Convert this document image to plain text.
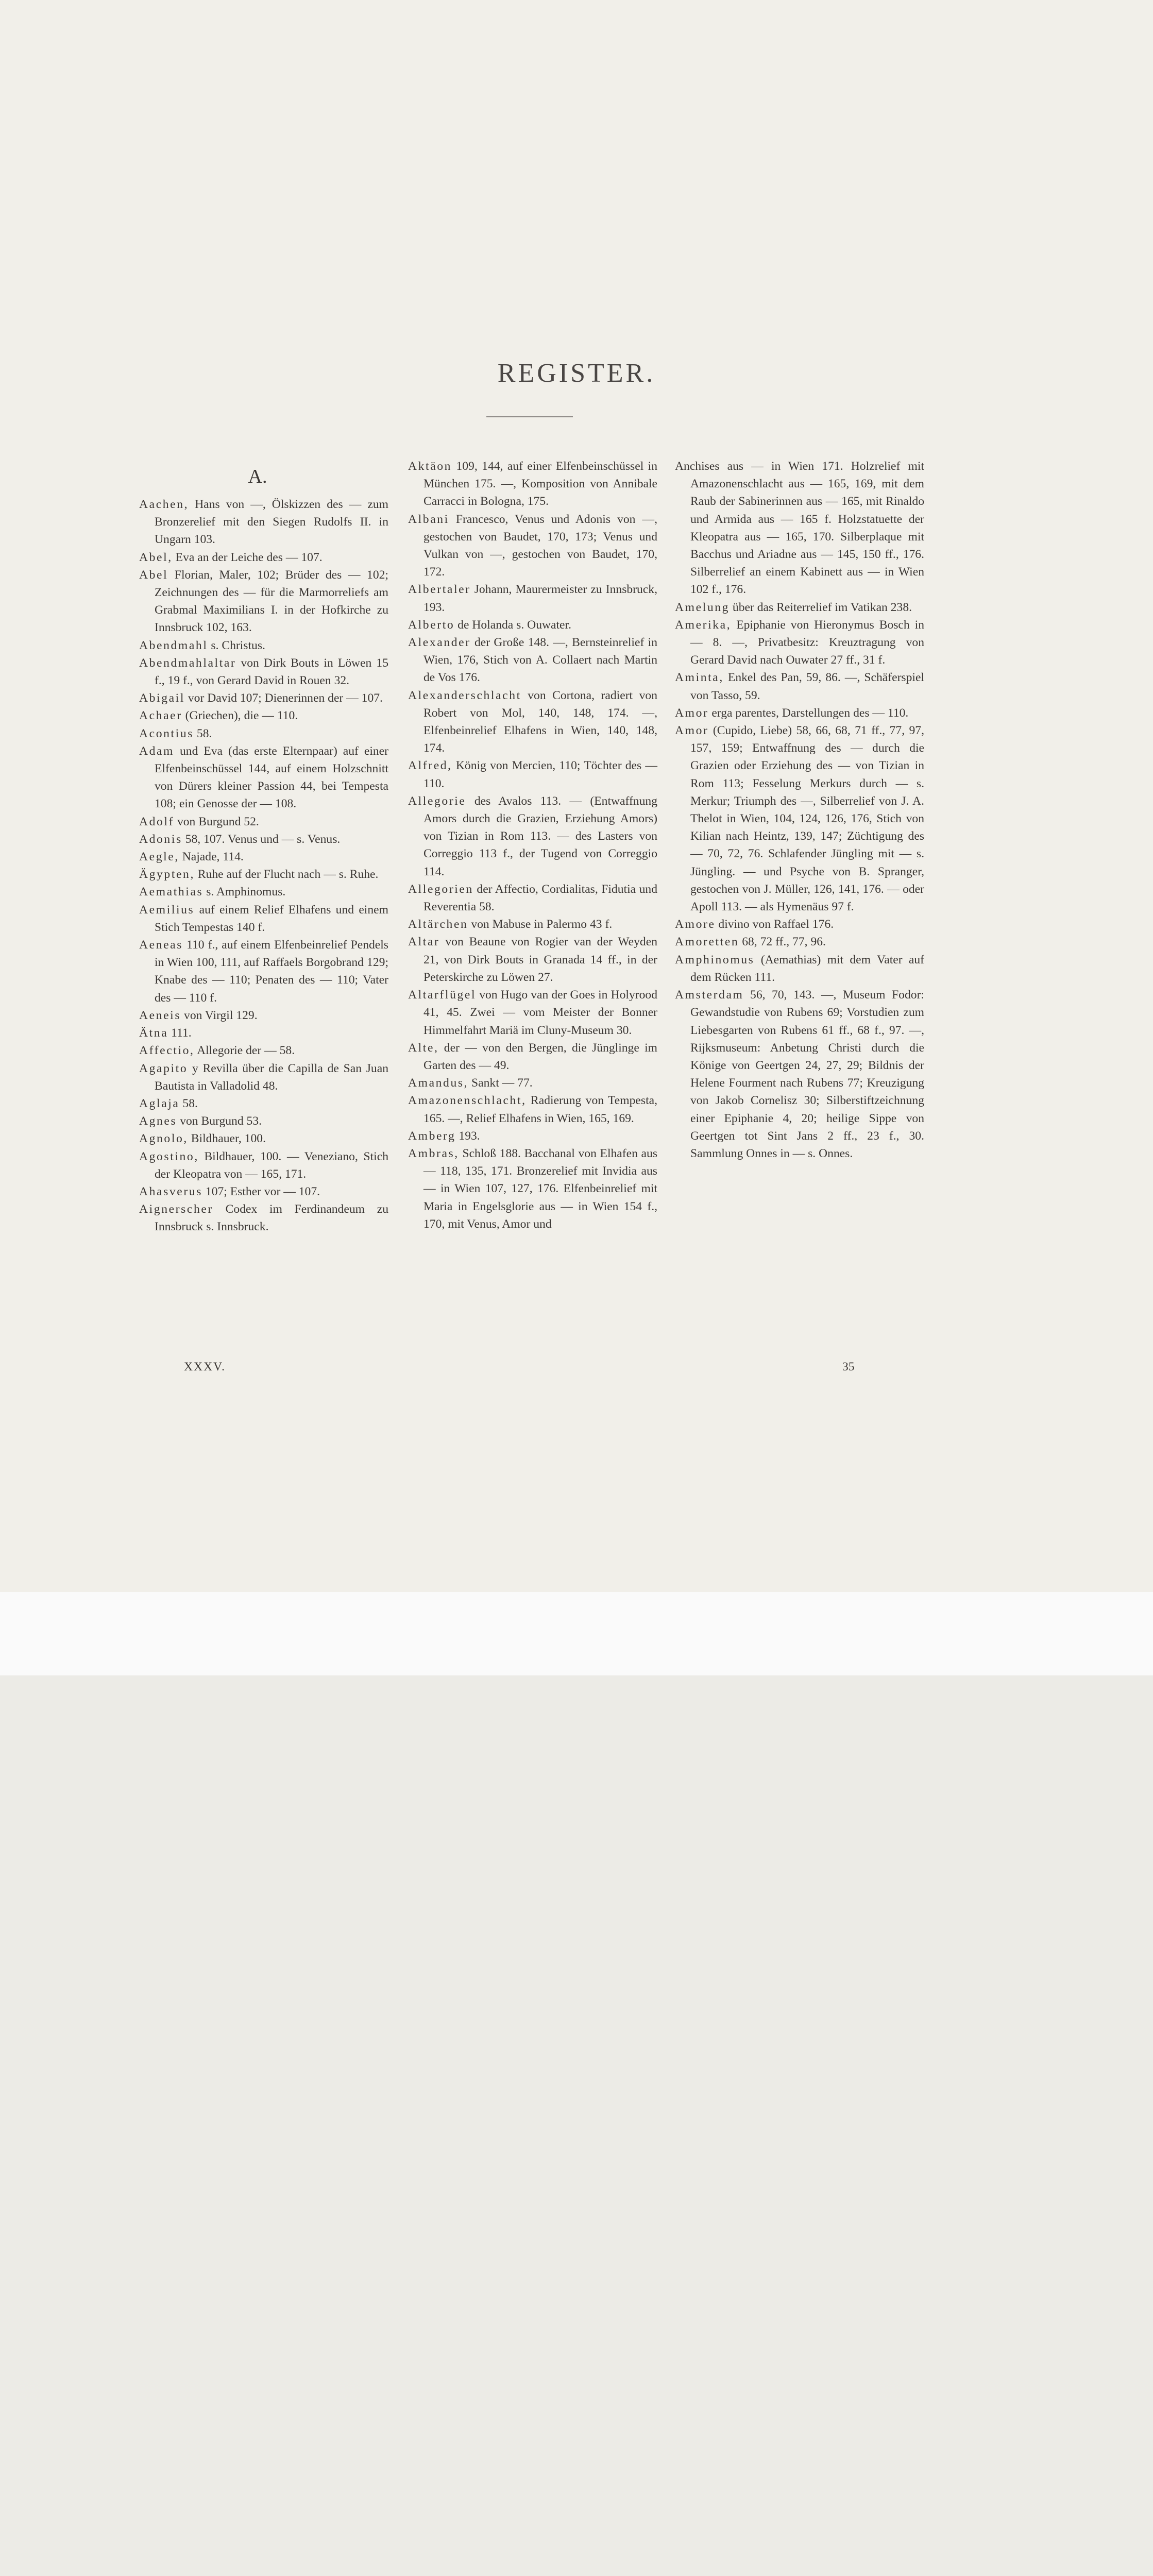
REGISTER.
A.
Aachen, Hans von —, Ölskizzen des — zum Bronzerelief mit den Siegen Rudolfs II. in Ungarn 103.
Abel, Eva an der Leiche des — 107.
Abel Florian, Maler, 102; Brüder des — 102; Zeichnungen des — für die Marmorreliefs am Grabmal Maximilians I. in der Hofkirche zu Innsbruck 102, 163.
Abendmahl s. Christus.
Abendmahlaltar von Dirk Bouts in Löwen 15 f., 19 f., von Gerard David in Rouen 32.
Abigail vor David 107; Dienerinnen der — 107.
Achaer (Griechen), die — 110.
Acontius 58.
Adam und Eva (das erste Elternpaar) auf einer Elfenbeinschüssel 144, auf einem Holzschnitt von Dürers kleiner Passion 44, bei Tempesta 108; ein Genosse der — 108.
Adolf von Burgund 52.
Adonis 58, 107. Venus und — s. Venus.
Aegle, Najade, 114.
Ägypten, Ruhe auf der Flucht nach — s. Ruhe.
Aemathias s. Amphinomus.
Aemilius auf einem Relief Elhafens und einem Stich Tempestas 140 f.
Aeneas 110 f., auf einem Elfenbeinrelief Pendels in Wien 100, 111, auf Raffaels Borgobrand 129; Knabe des — 110; Penaten des — 110; Vater des — 110 f.
Aeneis von Virgil 129.
Ätna 111.
Affectio, Allegorie der — 58.
Agapito y Revilla über die Capilla de San Juan Bautista in Valladolid 48.
Aglaja 58.
Agnes von Burgund 53.
Agnolo, Bildhauer, 100.
Agostino, Bildhauer, 100. — Veneziano, Stich der Kleopatra von — 165, 171.
Ahasverus 107; Esther vor — 107.
Aignerscher Codex im Ferdinandeum zu Innsbruck s. Innsbruck.
Aktäon 109, 144, auf einer Elfenbeinschüssel in München 175. —, Komposition von Annibale Carracci in Bologna, 175.
Albani Francesco, Venus und Adonis von —, gestochen von Baudet, 170, 173; Venus und Vulkan von —, gestochen von Baudet, 170, 172.
Albertaler Johann, Maurermeister zu Innsbruck, 193.
Alberto de Holanda s. Ouwater.
Alexander der Große 148. —, Bernsteinrelief in Wien, 176, Stich von A. Collaert nach Martin de Vos 176.
Alexanderschlacht von Cortona, radiert von Robert von Mol, 140, 148, 174. —, Elfenbeinrelief Elhafens in Wien, 140, 148, 174.
Alfred, König von Mercien, 110; Töchter des — 110.
Allegorie des Avalos 113. — (Entwaffnung Amors durch die Grazien, Erziehung Amors) von Tizian in Rom 113. — des Lasters von Correggio 113 f., der Tugend von Correggio 114.
Allegorien der Affectio, Cordialitas, Fidutia und Reverentia 58.
Altärchen von Mabuse in Palermo 43 f.
Altar von Beaune von Rogier van der Weyden 21, von Dirk Bouts in Granada 14 ff., in der Peterskirche zu Löwen 27.
Altarflügel von Hugo van der Goes in Holyrood 41, 45. Zwei — vom Meister der Bonner Himmelfahrt Mariä im Cluny-Museum 30.
Alte, der — von den Bergen, die Jünglinge im Garten des — 49.
Amandus, Sankt — 77.
Amazonenschlacht, Radierung von Tempesta, 165. —, Relief Elhafens in Wien, 165, 169.
Amberg 193.
Ambras, Schloß 188. Bacchanal von Elhafen aus — 118, 135, 171. Bronzerelief mit Invidia aus — in Wien 107, 127, 176. Elfenbeinrelief mit Maria in Engelsglorie aus — in Wien 154 f., 170, mit Venus, Amor und
Anchises aus — in Wien 171. Holzrelief mit Amazonenschlacht aus — 165, 169, mit dem Raub der Sabinerinnen aus — 165, mit Rinaldo und Armida aus — 165 f. Holzstatuette der Kleopatra aus — 165, 170. Silberplaque mit Bacchus und Ariadne aus — 145, 150 ff., 176. Silberrelief an einem Kabinett aus — in Wien 102 f., 176.
Amelung über das Reiterrelief im Vatikan 238.
Amerika, Epiphanie von Hieronymus Bosch in — 8. —, Privatbesitz: Kreuztragung von Gerard David nach Ouwater 27 ff., 31 f.
Aminta, Enkel des Pan, 59, 86. —, Schäferspiel von Tasso, 59.
Amor erga parentes, Darstellungen des — 110.
Amor (Cupido, Liebe) 58, 66, 68, 71 ff., 77, 97, 157, 159; Entwaffnung des — durch die Grazien oder Erziehung des — von Tizian in Rom 113; Fesselung Merkurs durch — s. Merkur; Triumph des —, Silberrelief von J. A. Thelot in Wien, 104, 124, 126, 176, Stich von Kilian nach Heintz, 139, 147; Züchtigung des — 70, 72, 76. Schlafender Jüngling mit — s. Jüngling. — und Psyche von B. Spranger, gestochen von J. Müller, 126, 141, 176. — oder Apoll 113. — als Hymenäus 97 f.
Amore divino von Raffael 176.
Amoretten 68, 72 ff., 77, 96.
Amphinomus (Aemathias) mit dem Vater auf dem Rücken 111.
Amsterdam 56, 70, 143. —, Museum Fodor: Gewandstudie von Rubens 69; Vorstudien zum Liebesgarten von Rubens 61 ff., 68 f., 97. —, Rijksmuseum: Anbetung Christi durch die Könige von Geertgen 24, 27, 29; Bildnis der Helene Fourment nach Rubens 77; Kreuzigung von Jakob Cornelisz 30; Silberstiftzeichnung einer Epiphanie 4, 20; heilige Sippe von Geertgen tot Sint Jans 2 ff., 23 f., 30. Sammlung Onnes in — s. Onnes.
XXXV.	35
